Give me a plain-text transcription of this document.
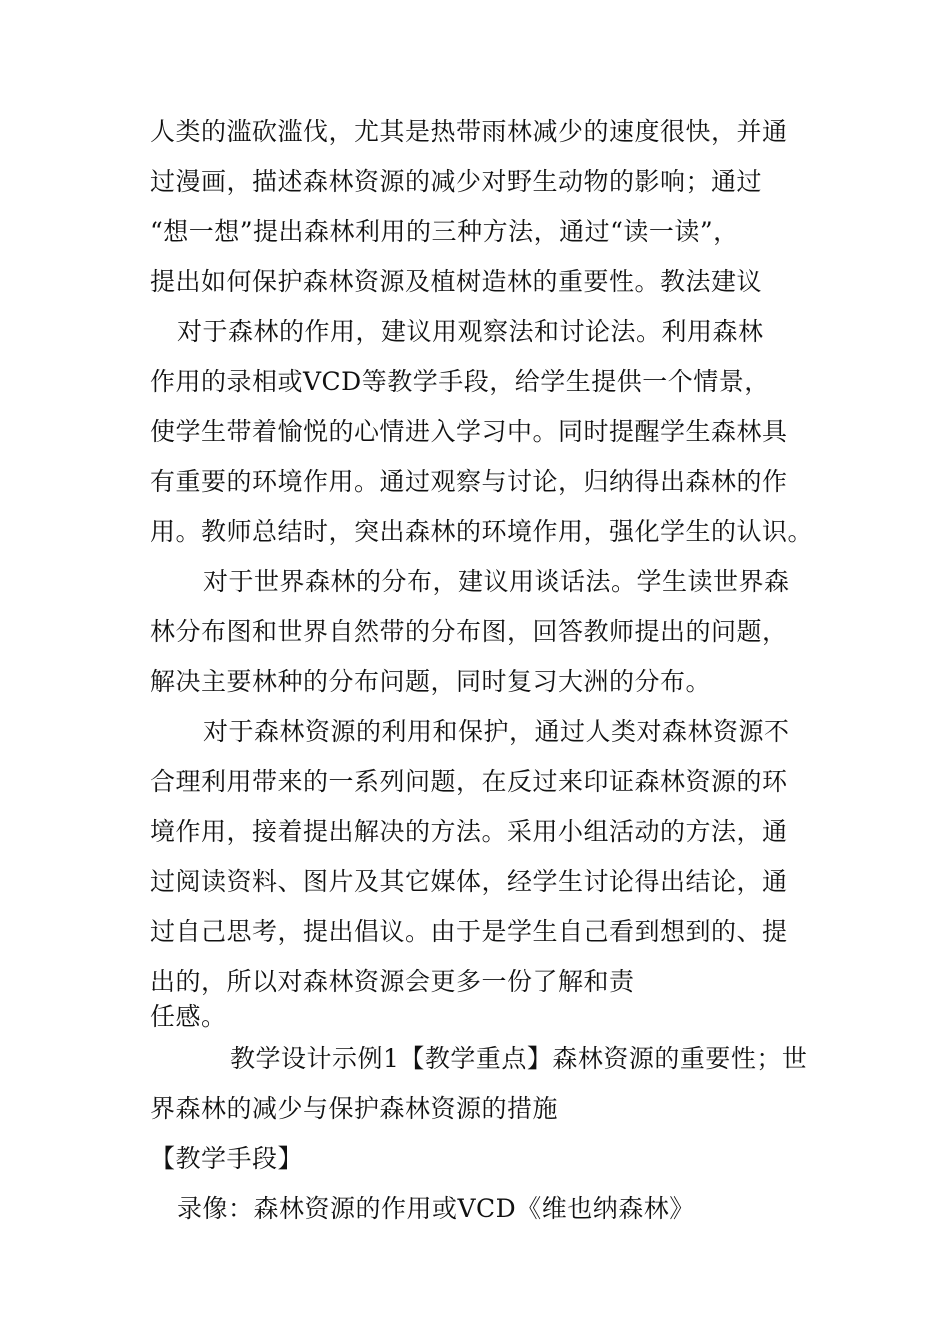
人类的滥砍滥伐，尤其是热带雨林减少的速度很快，并通
过漫画，描述森林资源的减少对野生动物的影响；通过
“想一想”提出森林利用的三种方法，通过“读一读”，
提出如何保护森林资源及植树造林的重要性。教法建议
对于森林的作用，建议用观察法和讨论法。利用森林
作用的录相或VCD等教学手段，给学生提供一个情景，
使学生带着愉悦的心情进入学习中。同时提醒学生森林具
有重要的环境作用。通过观察与讨论，归纳得出森林的作
用。教师总结时，突出森林的环境作用，强化学生的认识。
对于世界森林的分布，建议用谈话法。学生读世界森
林分布图和世界自然带的分布图，回答教师提出的问题，
解决主要林种的分布问题，同时复习大洲的分布。
对于森林资源的利用和保护，通过人类对森林资源不
合理利用带来的一系列问题，在反过来印证森林资源的环
境作用，接着提出解决的方法。采用小组活动的方法，通
过阅读资料、图片及其它媒体，经学生讨论得出结论，通
过自己思考，提出倡议。由于是学生自己看到想到的、提
出的，所以对森林资源会更多一份了解和责
任感。
教学设计示例1【教学重点】森林资源的重要性；世
界森林的减少与保护森林资源的措施
【教学手段】
录像：森林资源的作用或VCD《维也纳森林》
